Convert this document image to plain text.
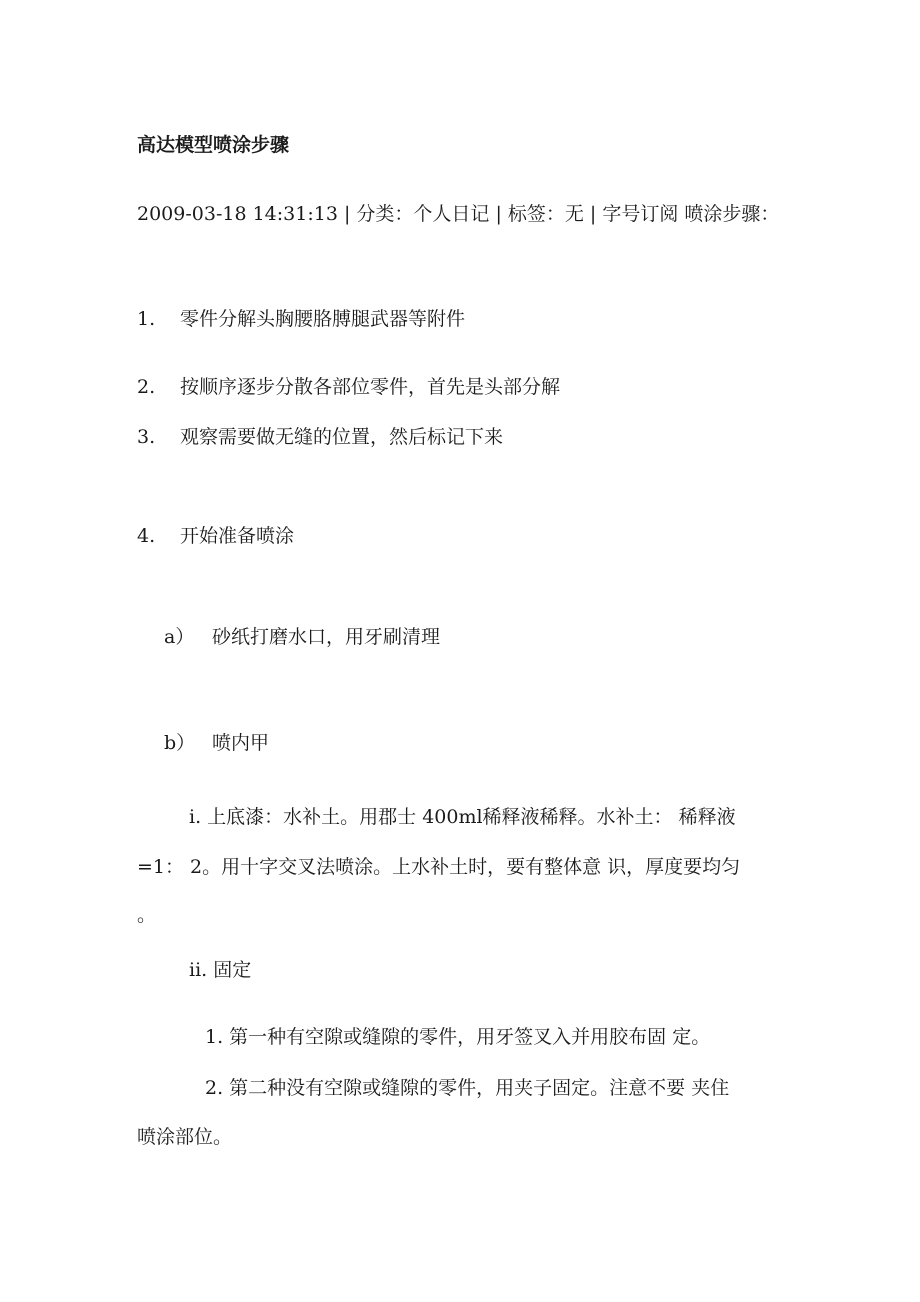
高达模型喷涂步骤
2009-03-18 14:31:13 | 分类：个人日记 | 标签：无 | 字号订阅 喷涂步骤：
1. 零件分解头胸腰胳膊腿武器等附件
2. 按顺序逐步分散各部位零件，首先是头部分解
3. 观察需要做无缝的位置，然后标记下来
4. 开始准备喷涂
a） 砂纸打磨水口，用牙刷清理
b） 喷内甲
i. 上底漆：水补土。用郡士 400ml稀释液稀释。水补土： 稀释液
=1： 2。用十字交叉法喷涂。上水补土时，要有整体意 识，厚度要均匀
。
ii. 固定
1. 第一种有空隙或缝隙的零件，用牙签叉入并用胶布固 定。
2. 第二种没有空隙或缝隙的零件，用夹子固定。注意不要 夹住
喷涂部位。
